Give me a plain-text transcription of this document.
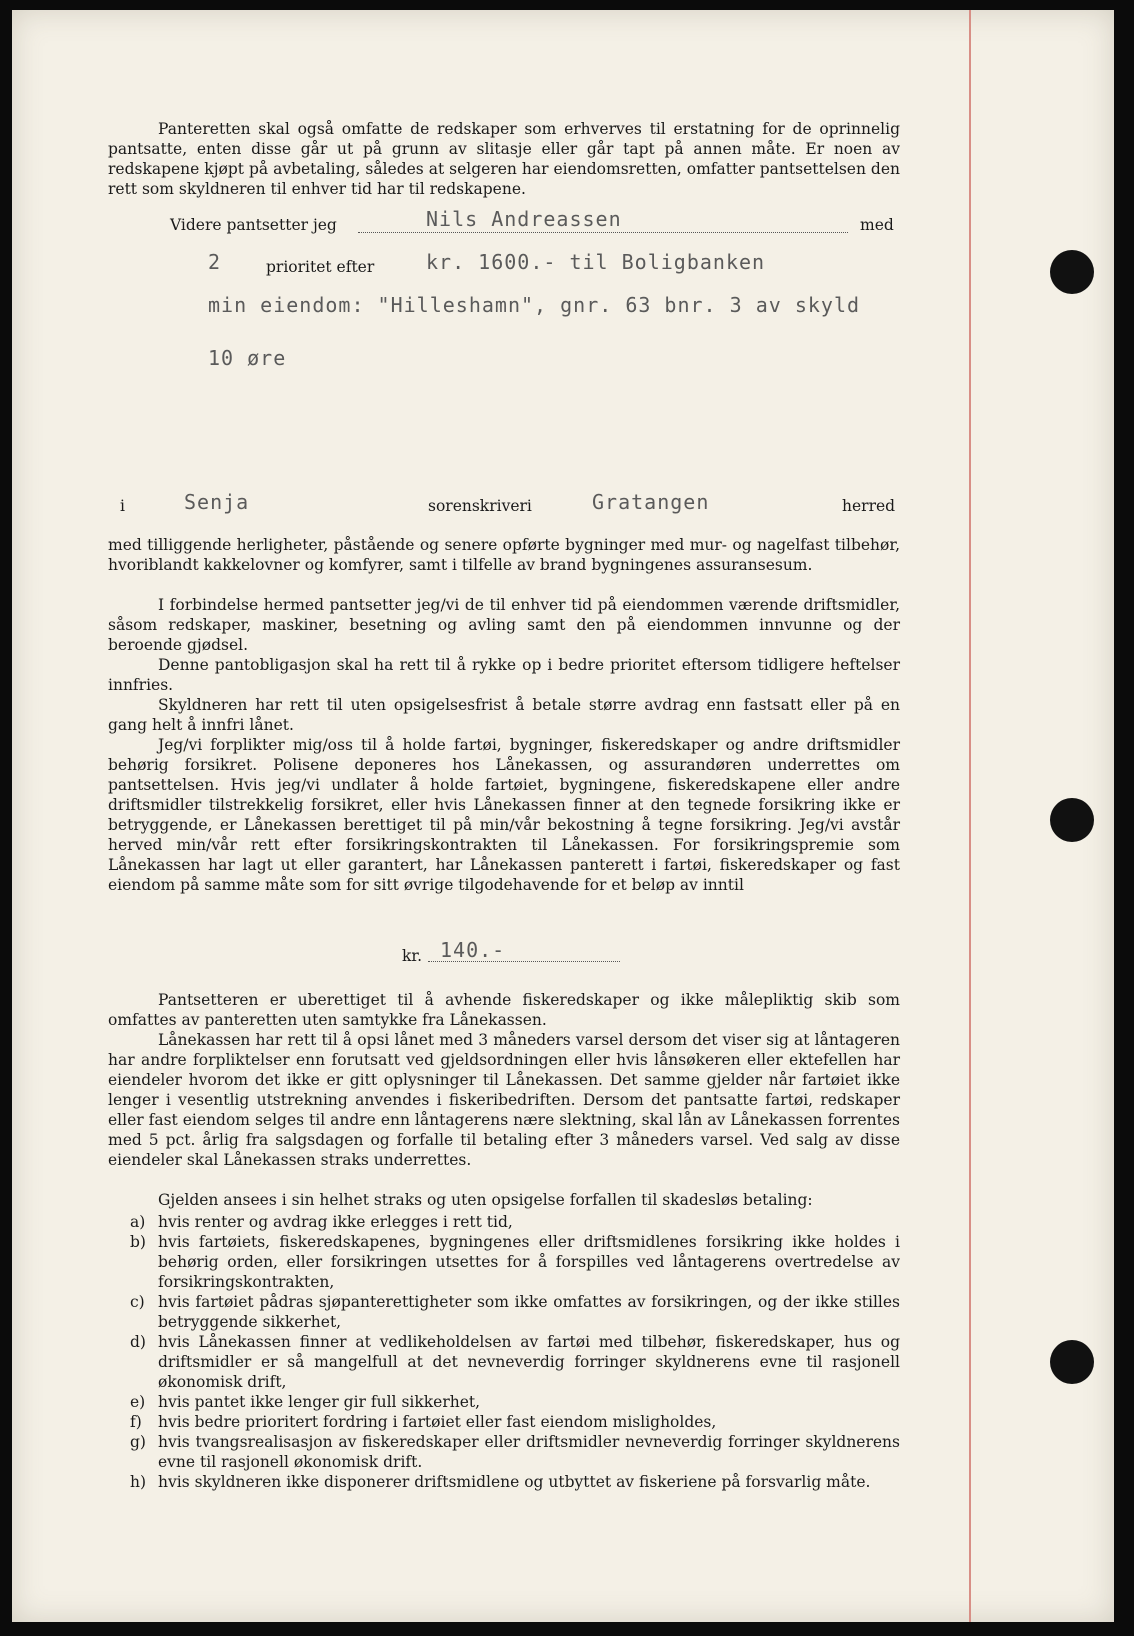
Panteretten skal også omfatte de redskaper som erhverves til erstatning for de oprinnelig pantsatte, enten disse går ut på grunn av slitasje eller går tapt på annen måte. Er noen av redskapene kjøpt på avbetaling, således at selgeren har eiendomsretten, omfatter pantsettelsen den rett som skyldneren til enhver tid har til redskapene.

Videre pantsetter jeg	Nils Andreassen	med
2	prioritet efter	kr. 1600.- til Boligbanken
min eiendom: "Hilleshamn", gnr. 63 bnr. 3 av skyld
10 øre
i	Senja	sorenskriveri	Gratangen	herred

med tilliggende herligheter, påstående og senere opførte bygninger med mur- og nagelfast tilbehør, hvoriblandt kakkelovner og komfyrer, samt i tilfelle av brand bygningenes assuransesum.

I forbindelse hermed pantsetter jeg/vi de til enhver tid på eiendommen værende driftsmidler, såsom redskaper, maskiner, besetning og avling samt den på eiendommen innvunne og der beroende gjødsel.

Denne pantobligasjon skal ha rett til å rykke op i bedre prioritet eftersom tidligere heftelser innfries.

Skyldneren har rett til uten opsigelsesfrist å betale større avdrag enn fastsatt eller på en gang helt å innfri lånet.

Jeg/vi forplikter mig/oss til å holde fartøi, bygninger, fiskeredskaper og andre driftsmidler behørig forsikret. Polisene deponeres hos Lånekassen, og assurandøren underrettes om pantsettelsen. Hvis jeg/vi undlater å holde fartøiet, bygningene, fiskeredskapene eller andre driftsmidler tilstrekkelig forsikret, eller hvis Lånekassen finner at den tegnede forsikring ikke er betryggende, er Lånekassen berettiget til på min/vår bekostning å tegne forsikring. Jeg/vi avstår herved min/vår rett efter forsikringskontrakten til Lånekassen. For forsikringspremie som Lånekassen har lagt ut eller garantert, har Lånekassen panterett i fartøi, fiskeredskaper og fast eiendom på samme måte som for sitt øvrige tilgodehavende for et beløp av inntil

kr. 140.-

Pantsetteren er uberettiget til å avhende fiskeredskaper og ikke målepliktig skib som omfattes av panteretten uten samtykke fra Lånekassen.

Lånekassen har rett til å opsi lånet med 3 måneders varsel dersom det viser sig at låntageren har andre forpliktelser enn forutsatt ved gjeldsordningen eller hvis lånsøkeren eller ektefellen har eiendeler hvorom det ikke er gitt oplysninger til Lånekassen. Det samme gjelder når fartøiet ikke lenger i vesentlig utstrekning anvendes i fiskeribedriften. Dersom det pantsatte fartøi, redskaper eller fast eiendom selges til andre enn låntagerens nære slektning, skal lån av Lånekassen forrentes med 5 pct. årlig fra salgsdagen og forfalle til betaling efter 3 måneders varsel. Ved salg av disse eiendeler skal Lånekassen straks underrettes.

Gjelden ansees i sin helhet straks og uten opsigelse forfallen til skadesløs betaling:

a) hvis renter og avdrag ikke erlegges i rett tid,
b) hvis fartøiets, fiskeredskapenes, bygningenes eller driftsmidlenes forsikring ikke holdes i behørig orden, eller forsikringen utsettes for å forspilles ved låntagerens overtredelse av forsikringskontrakten,
c) hvis fartøiet pådras sjøpanterettigheter som ikke omfattes av forsikringen, og der ikke stilles betryggende sikkerhet,
d) hvis Lånekassen finner at vedlikeholdelsen av fartøi med tilbehør, fiskeredskaper, hus og driftsmidler er så mangelfull at det nevneverdig forringer skyldnerens evne til rasjonell økonomisk drift,
e) hvis pantet ikke lenger gir full sikkerhet,
f) hvis bedre prioritert fordring i fartøiet eller fast eiendom misligholdes,
g) hvis tvangsrealisasjon av fiskeredskaper eller driftsmidler nevneverdig forringer skyldnerens evne til rasjonell økonomisk drift.
h) hvis skyldneren ikke disponerer driftsmidlene og utbyttet av fiskeriene på forsvarlig måte.
